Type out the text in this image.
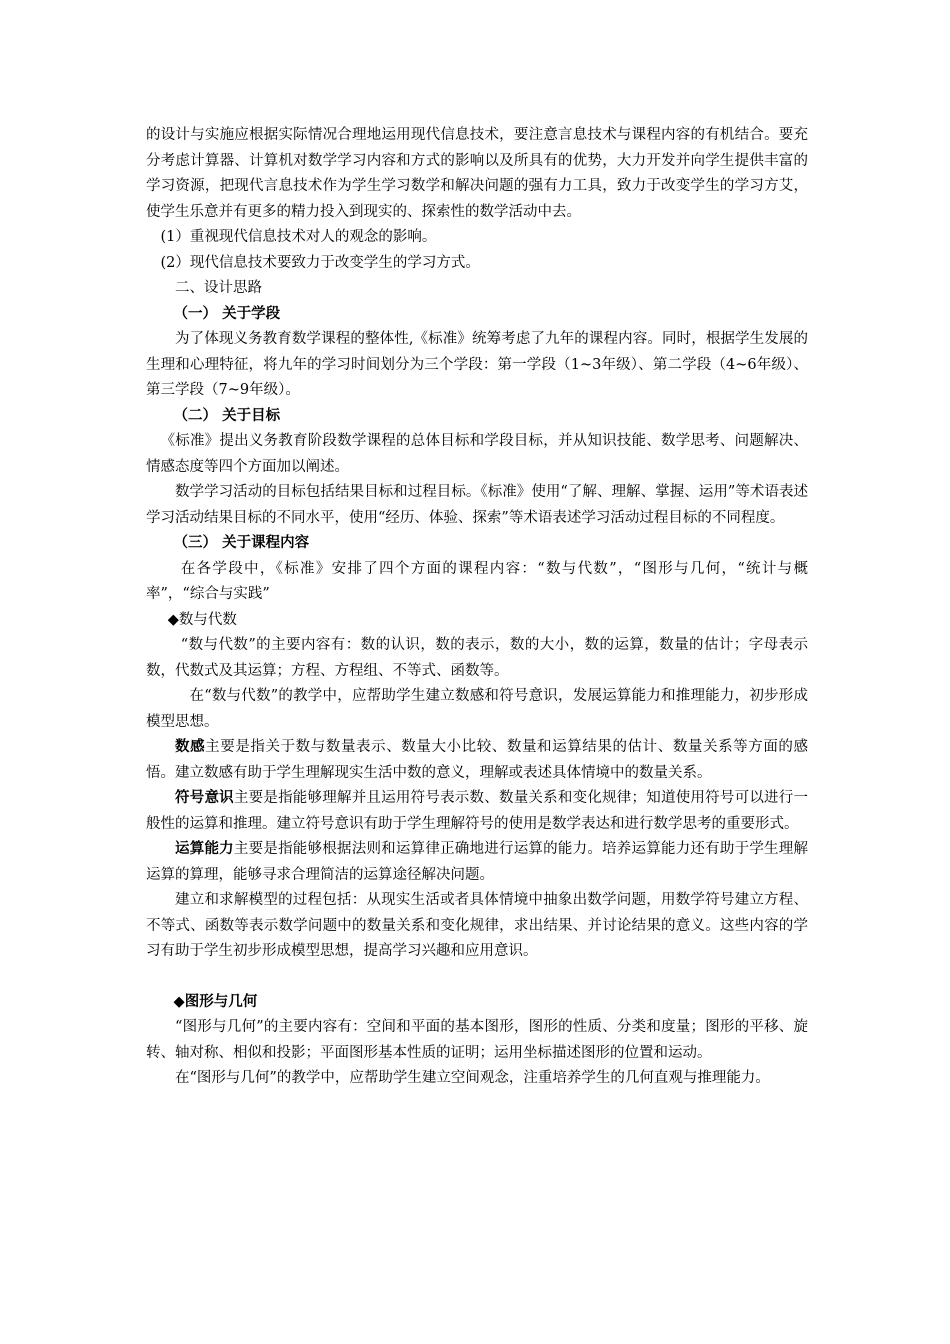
的设计与实施应根据实际情况合理地运用现代信息技术，要注意言息技术与课程内容的有机结合。要充分考虑计算器、计算机对数学学习内容和方式的影响以及所具有的优势，大力开发并向学生提供丰富的学习资源，把现代言息技术作为学生学习数学和解决问题的强有力工具，致力于改变学生的学习方艾，使学生乐意并有更多的精力投入到现实的、探索性的数学活动中去。

(1）重视现代信息技术对人的观念的影响。

(2）现代信息技术要致力于改变学生的学习方式。

二、设计思路

（一） 关于学段

为了体现义务教育数学课程的整体性,《标准》统筹考虑了九年的课程内容。同时，根据学生发展的生理和心理特征，将九年的学习时间划分为三个学段：第一学段（1~3年级）、第二学段（4~6年级）、第三学段（7~9年级）。

（二） 关于目标

《标准》提出义务教育阶段数学课程的总体目标和学段目标，并从知识技能、数学思考、问题解决、情感态度等四个方面加以阐述。

数学学习活动的目标包括结果目标和过程目标。《标准》使用“了解、理解、掌握、运用”等术语表述学习活动结果目标的不同水平，使用“经历、体验、探索”等术语表述学习活动过程目标的不同程度。

（三） 关于课程内容

在各学段中，《标准》安排了四个方面的课程内容：“数与代数”，“图形与几何，“统计与概率”，“综合与实践”

◆数与代数

“数与代数”的主要内容有：数的认识，数的表示，数的大小，数的运算，数量的估计；字母表示数，代数式及其运算；方程、方程组、不等式、函数等。

在“数与代数”的教学中，应帮助学生建立数感和符号意识，发展运算能力和推理能力，初步形成模型思想。

数感主要是指关于数与数量表示、数量大小比较、数量和运算结果的估计、数量关系等方面的感悟。建立数感有助于学生理解现实生活中数的意义，理解或表述具体情境中的数量关系。

符号意识主要是指能够理解并且运用符号表示数、数量关系和变化规律；知道使用符号可以进行一般性的运算和推理。建立符号意识有助于学生理解符号的使用是数学表达和进行数学思考的重要形式。

运算能力主要是指能够根据法则和运算律正确地进行运算的能力。培养运算能力还有助于学生理解运算的算理，能够寻求合理简洁的运算途径解决问题。

建立和求解模型的过程包括：从现实生活或者具体情境中抽象出数学问题，用数学符号建立方程、不等式、函数等表示数学问题中的数量关系和变化规律，求出结果、并讨论结果的意义。这些内容的学习有助于学生初步形成模型思想，提高学习兴趣和应用意识。

◆图形与几何

“图形与几何”的主要内容有：空间和平面的基本图形，图形的性质、分类和度量；图形的平移、旋转、轴对称、相似和投影；平面图形基本性质的证明；运用坐标描述图形的位置和运动。

在“图形与几何”的教学中，应帮助学生建立空间观念，注重培养学生的几何直观与推理能力。
